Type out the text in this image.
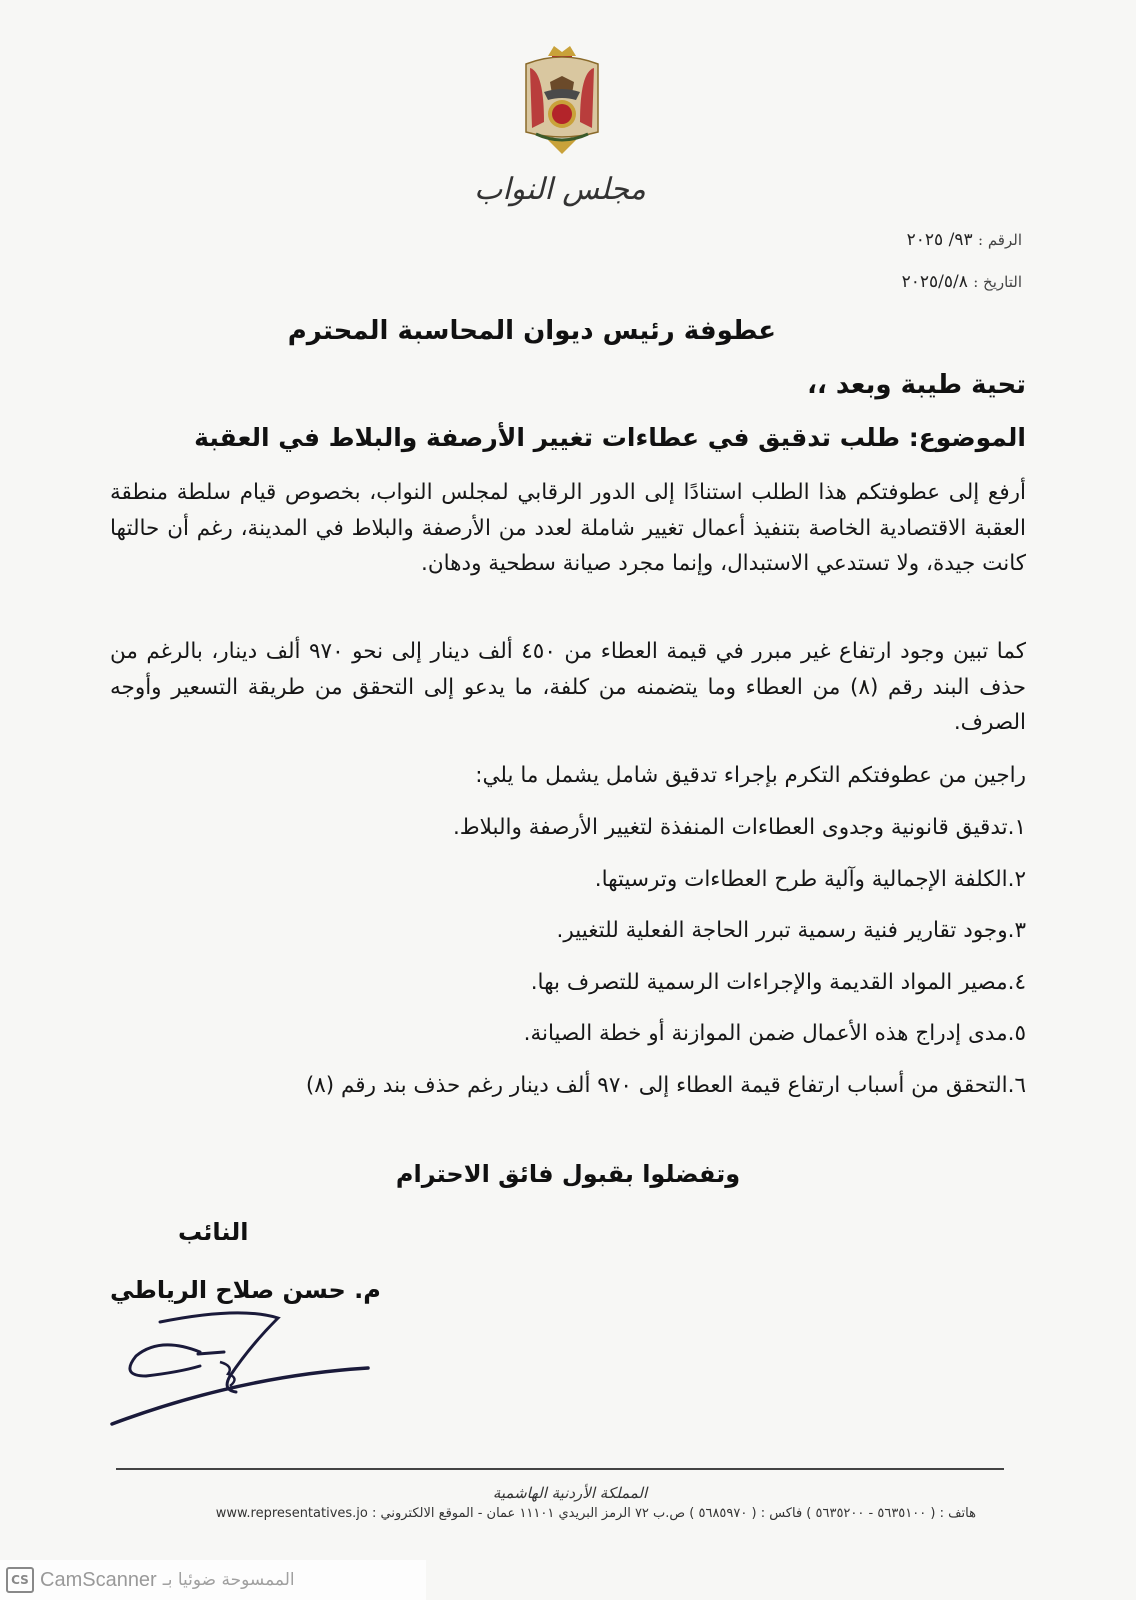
مجلس النواب
الرقم : ٩٣/ ٢٠٢٥
التاريخ : ٢٠٢٥/٥/٨
عطوفة رئيس ديوان المحاسبة المحترم
تحية طيبة وبعد ،،
الموضوع: طلب تدقيق في عطاءات تغيير الأرصفة والبلاط في العقبة
أرفع إلى عطوفتكم هذا الطلب استنادًا إلى الدور الرقابي لمجلس النواب، بخصوص قيام سلطة منطقة العقبة الاقتصادية الخاصة بتنفيذ أعمال تغيير شاملة لعدد من الأرصفة والبلاط في المدينة، رغم أن حالتها كانت جيدة، ولا تستدعي الاستبدال، وإنما مجرد صيانة سطحية ودهان.
كما تبين وجود ارتفاع غير مبرر في قيمة العطاء من ٤٥٠ ألف دينار إلى نحو ٩٧٠ ألف دينار، بالرغم من حذف البند رقم (٨) من العطاء وما يتضمنه من كلفة، ما يدعو إلى التحقق من طريقة التسعير وأوجه الصرف.
راجين من عطوفتكم التكرم بإجراء تدقيق شامل يشمل ما يلي:
١.تدقيق قانونية وجدوى العطاءات المنفذة لتغيير الأرصفة والبلاط.
٢.الكلفة الإجمالية وآلية طرح العطاءات وترسيتها.
٣.وجود تقارير فنية رسمية تبرر الحاجة الفعلية للتغيير.
٤.مصير المواد القديمة والإجراءات الرسمية للتصرف بها.
٥.مدى إدراج هذه الأعمال ضمن الموازنة أو خطة الصيانة.
٦.التحقق من أسباب ارتفاع قيمة العطاء إلى ٩٧٠ ألف دينار رغم حذف بند رقم (٨)
وتفضلوا بقبول فائق الاحترام
النائب
م. حسن صلاح الرياطي
المملكة الأردنية الهاشمية
هاتف : ( ٥٦٣٥١٠٠ - ٥٦٣٥٢٠٠ ) فاكس : ( ٥٦٨٥٩٧٠ ) ص.ب ٧٢ الرمز البريدي ١١١٠١ عمان - الموقع الالكتروني : www.representatives.jo
CS CamScanner الممسوحة ضوئيا بـ
